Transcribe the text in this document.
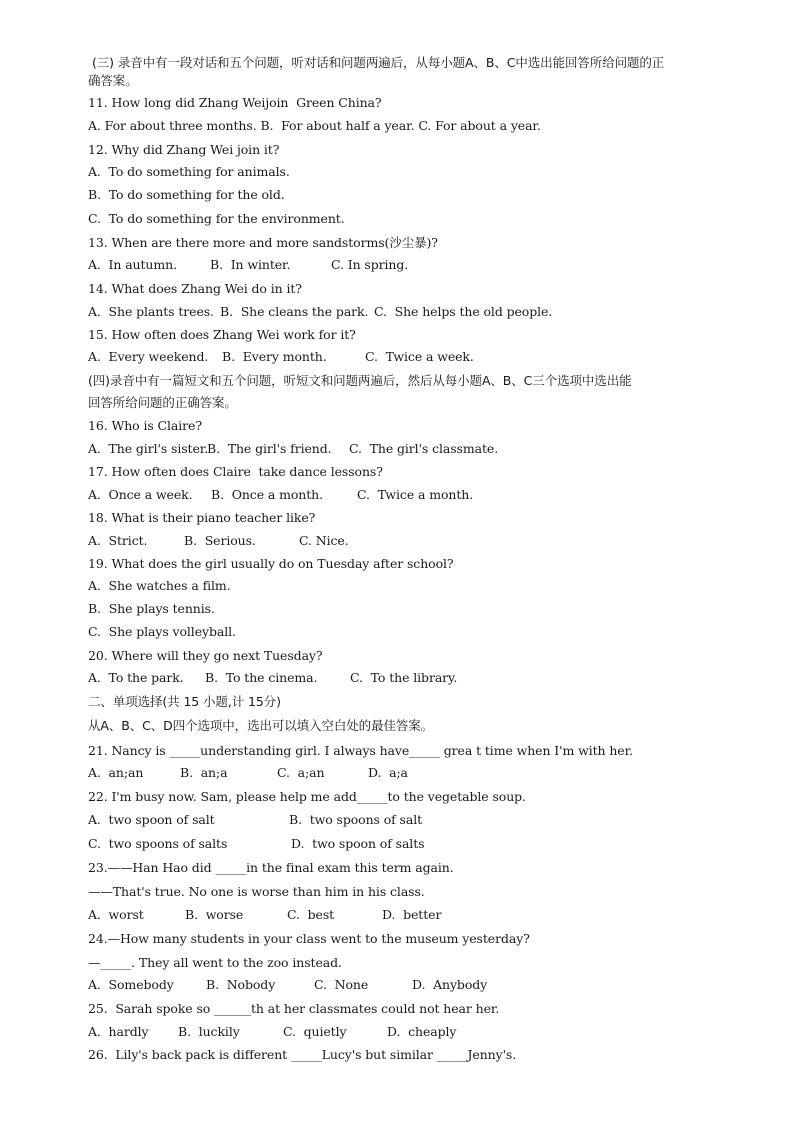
(三) 录音中有一段对话和五个问题，听对话和问题两遍后，从每小题A、B、C中选出能回答所给问题的正
确答案。
11. How long did Zhang Weijoin  Green China?
A. For about three months. B.  For about half a year. C. For about a year.
12. Why did Zhang Wei join it?
A.  To do something for animals.
B.  To do something for the old.
C.  To do something for the environment.
13. When are there more and more sandstorms(沙尘暴)?
A.  In autumn.	B.  In winter.	C. In spring.
14. What does Zhang Wei do in it?
A.  She plants trees. B.  She cleans the park. C.  She helps the old people.
15. How often does Zhang Wei work for it?
A.  Every weekend. B.  Every month.	C.  Twice a week.
(四)录音中有一篇短文和五个问题，听短文和问题两遍后，然后从每小题A、B、C三个选项中选出能
回答所给问题的正确答案。
16. Who is Claire?
A.  The girl's sister.
B.  The girl's friend. C.  The girl's classmate.
17. How often does Claire  take dance lessons?
A.  Once a week. B.  Once a month.	C.  Twice a month.
18. What is their piano teacher like?
A.  Strict.	B.  Serious.	C. Nice.
19. What does the girl usually do on Tuesday after school?
A.  She watches a film.
B.  She plays tennis.
C.  She plays volleyball.
20. Where will they go next Tuesday?
A.  To the park. B.  To the cinema.	C.  To the library.
二、单项选择(共 15 小题,计 15分)
从A、B、C、D四个选项中，选出可以填入空白处的最佳答案。
21. Nancy is _____understanding girl. I always have_____ grea t time when I'm with her.
A.  an;an	B.  an;a	C.  a;an	D.  a;a
22. I'm busy now. Sam, please help me add_____to the vegetable soup.
A.  two spoon of salt	B.  two spoons of salt
C.  two spoons of salts	D.  two spoon of salts
23.——Han Hao did _____in the final exam this term again.
——That's true. No one is worse than him in his class.
A.  worst	B.  worse	C.  best	D.  better
24.—How many students in your class went to the museum yesterday?
—_____. They all went to the zoo instead.
A.  Somebody	B.  Nobody	C.  None	D.  Anybody
25.  Sarah spoke so ______th at her classmates could not hear her.
A.  hardly B.  luckily	C.  quietly	D.  cheaply
26.  Lily's back pack is different _____Lucy's but similar _____Jenny's.
